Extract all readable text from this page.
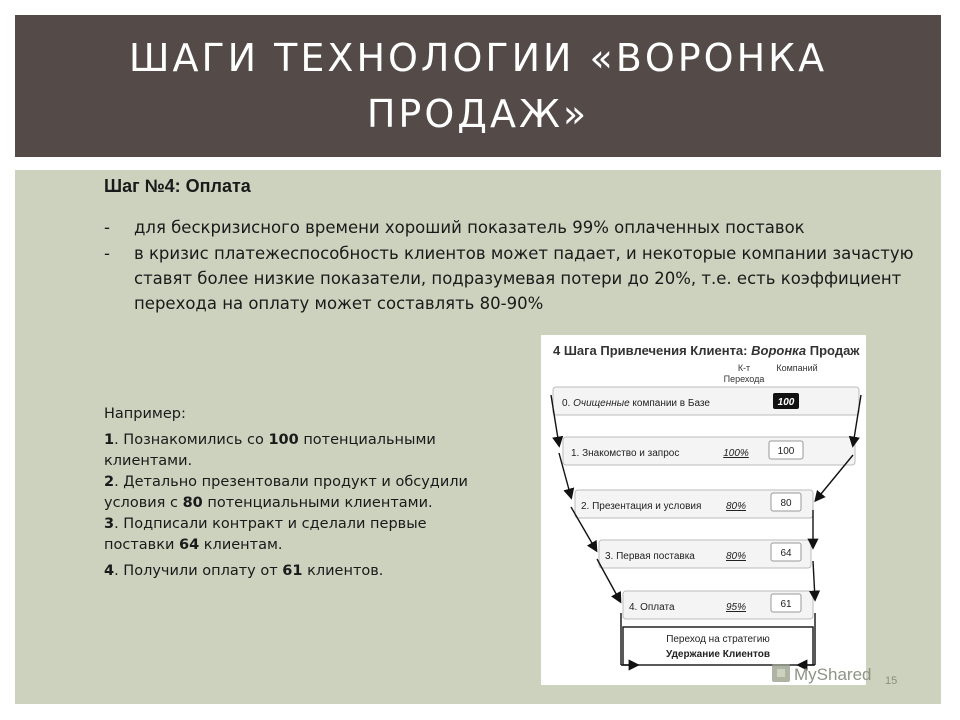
ШАГИ ТЕХНОЛОГИИ «ВОРОНКА ПРОДАЖ»
Шаг №4: Оплата
- для бескризисного времени хороший показатель 99% оплаченных поставок
- в кризис платежеспособность клиентов может падает, и некоторые компании зачастую ставят более низкие показатели, подразумевая потери до 20%, т.е. есть коэффициент перехода на оплату может составлять 80-90%
Например:
1. Познакомились со 100 потенциальными клиентами.
2. Детально презентовали продукт и обсудили условия с 80 потенциальными клиентами.
3. Подписали контракт и сделали первые поставки 64 клиентам.
4. Получили оплату от 61 клиентов.
4 Шага Привлечения Клиента: Воронка Продаж
К-т
Перехода
Компаний
0. Очищенные компании в Базе	100
1. Знакомство и запрос	100%	100
2. Презентация и условия 80%	80
3. Первая поставка	80%	64
4. Оплата	95%	61
Переход на стратегию
Удержание Клиентов
MyShared 15
